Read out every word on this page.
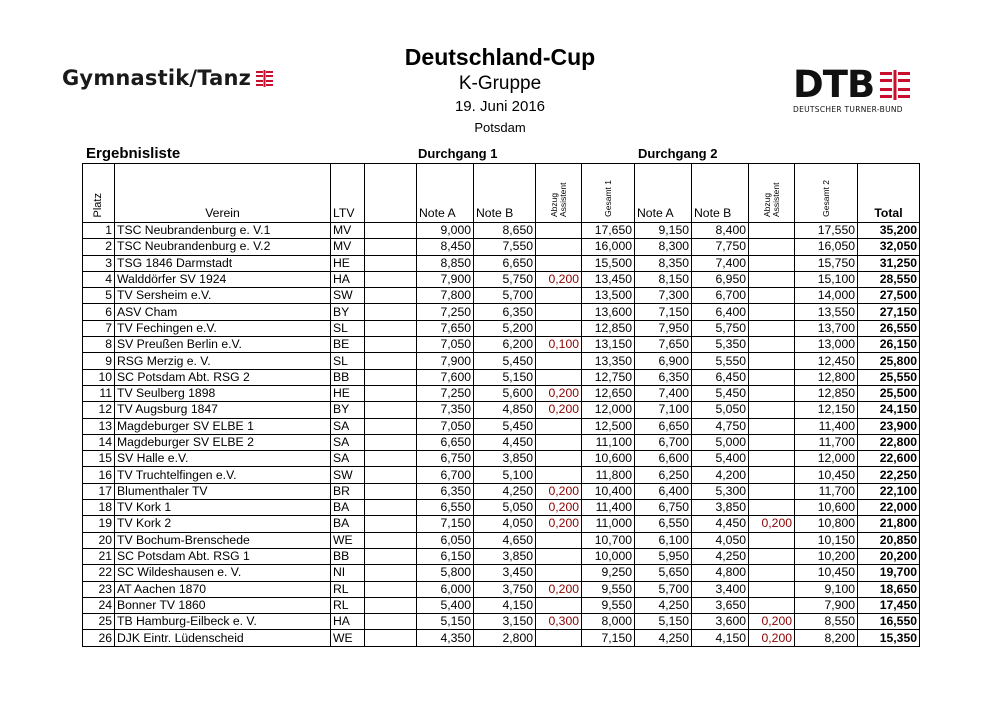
Gymnastik/Tanz	DTB
DEUTSCHER TURNER-BUND
Deutschland-Cup
K-Gruppe
19. Juni 2016
Potsdam
Ergebnisliste	Durchgang 1	Durchgang 2
Platz	Verein	LTV		Note A	Note B	Abzug Assistent	Gesamt 1	Note A	Note B	Abzug Assistent	Gesamt 2	Total
1	TSC Neubrandenburg e. V.1	MV		9,000	8,650		17,650	9,150	8,400		17,550	35,200
2	TSC Neubrandenburg e. V.2	MV		8,450	7,550		16,000	8,300	7,750		16,050	32,050
3	TSG 1846 Darmstadt	HE		8,850	6,650		15,500	8,350	7,400		15,750	31,250
4	Walddörfer SV 1924	HA		7,900	5,750	0,200	13,450	8,150	6,950		15,100	28,550
5	TV Sersheim e.V.	SW		7,800	5,700		13,500	7,300	6,700		14,000	27,500
6	ASV Cham	BY		7,250	6,350		13,600	7,150	6,400		13,550	27,150
7	TV Fechingen e.V.	SL		7,650	5,200		12,850	7,950	5,750		13,700	26,550
8	SV Preußen Berlin e.V.	BE		7,050	6,200	0,100	13,150	7,650	5,350		13,000	26,150
9	RSG Merzig e. V.	SL		7,900	5,450		13,350	6,900	5,550		12,450	25,800
10	SC Potsdam Abt. RSG 2	BB		7,600	5,150		12,750	6,350	6,450		12,800	25,550
11	TV Seulberg 1898	HE		7,250	5,600	0,200	12,650	7,400	5,450		12,850	25,500
12	TV Augsburg 1847	BY		7,350	4,850	0,200	12,000	7,100	5,050		12,150	24,150
13	Magdeburger SV ELBE 1	SA		7,050	5,450		12,500	6,650	4,750		11,400	23,900
14	Magdeburger SV ELBE 2	SA		6,650	4,450		11,100	6,700	5,000		11,700	22,800
15	SV Halle e.V.	SA		6,750	3,850		10,600	6,600	5,400		12,000	22,600
16	TV Truchtelfingen e.V.	SW		6,700	5,100		11,800	6,250	4,200		10,450	22,250
17	Blumenthaler TV	BR		6,350	4,250	0,200	10,400	6,400	5,300		11,700	22,100
18	TV Kork 1	BA		6,550	5,050	0,200	11,400	6,750	3,850		10,600	22,000
19	TV Kork 2	BA		7,150	4,050	0,200	11,000	6,550	4,450	0,200	10,800	21,800
20	TV Bochum-Brenschede	WE		6,050	4,650		10,700	6,100	4,050		10,150	20,850
21	SC Potsdam Abt. RSG 1	BB		6,150	3,850		10,000	5,950	4,250		10,200	20,200
22	SC Wildeshausen e. V.	NI		5,800	3,450		9,250	5,650	4,800		10,450	19,700
23	AT Aachen 1870	RL		6,000	3,750	0,200	9,550	5,700	3,400		9,100	18,650
24	Bonner TV 1860	RL		5,400	4,150		9,550	4,250	3,650		7,900	17,450
25	TB Hamburg-Eilbeck e. V.	HA		5,150	3,150	0,300	8,000	5,150	3,600	0,200	8,550	16,550
26	DJK Eintr. Lüdenscheid	WE		4,350	2,800		7,150	4,250	4,150	0,200	8,200	15,350
